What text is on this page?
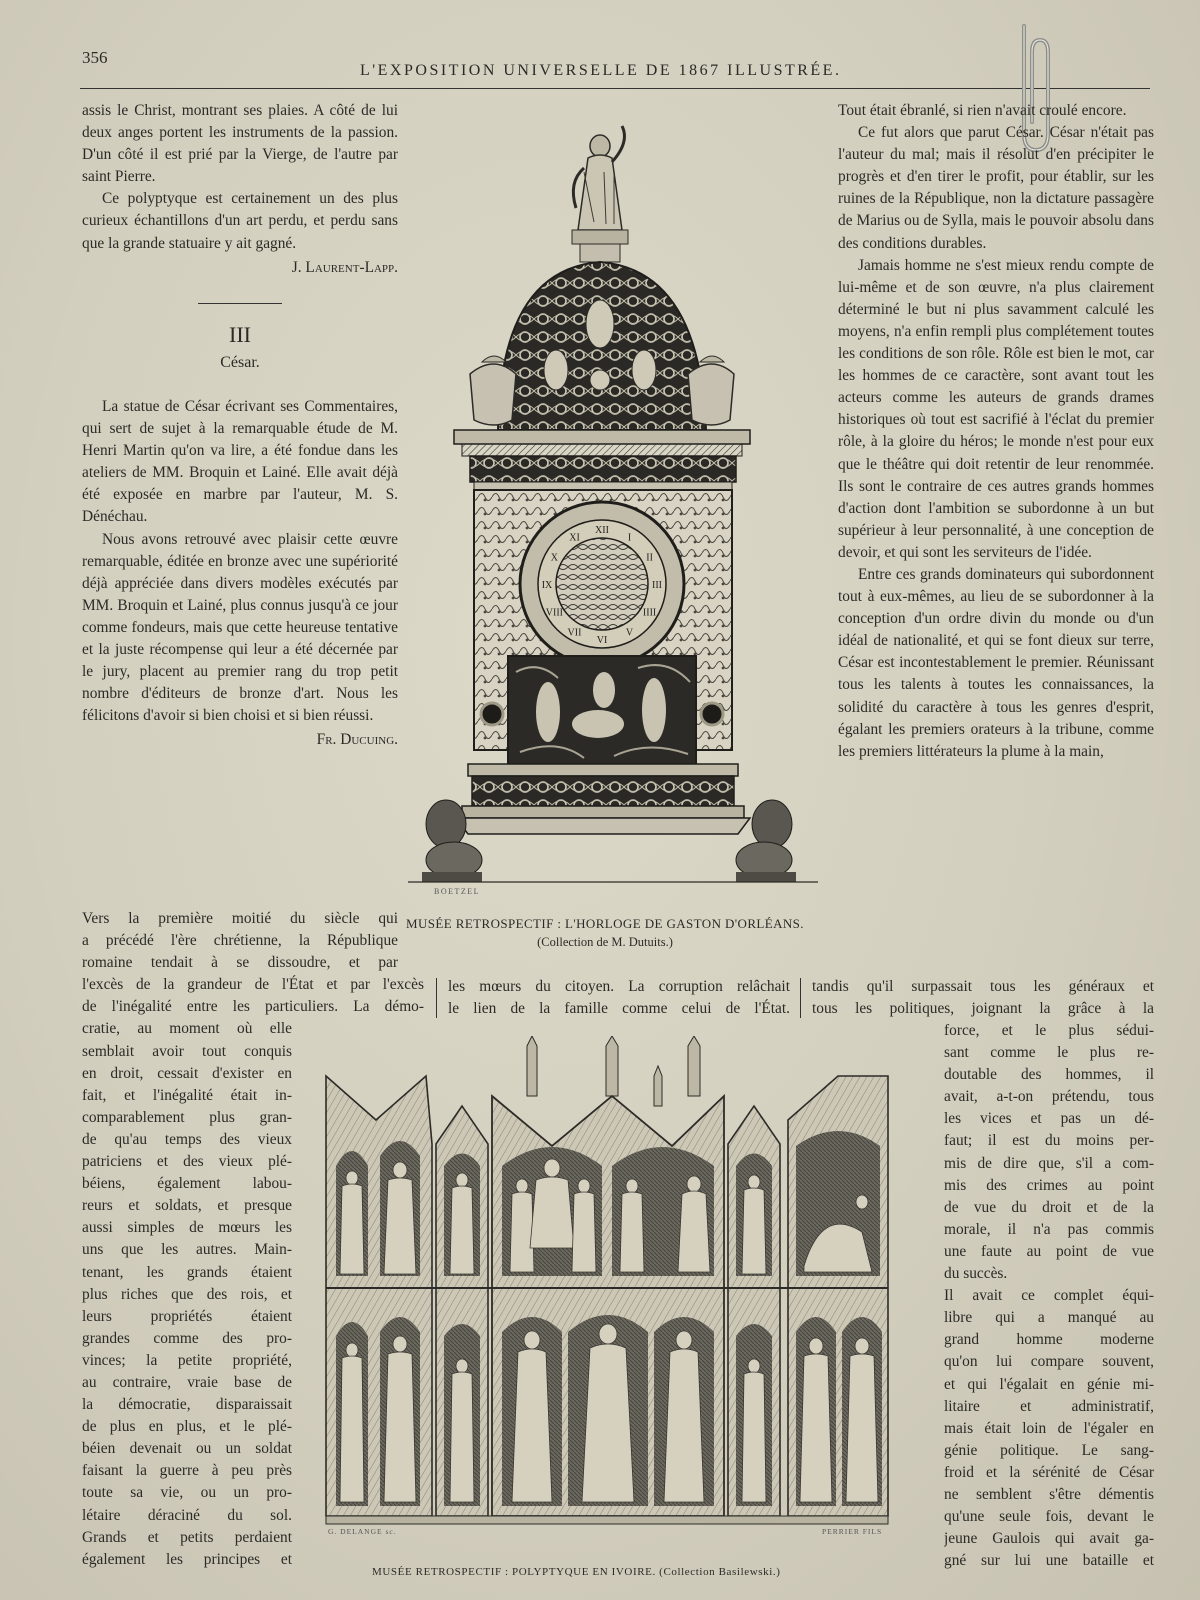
356
L'EXPOSITION UNIVERSELLE DE 1867 ILLUSTRÉE.

assis le Christ, montrant ses plaies. A côté de lui deux anges portent les instruments de la passion. D'un côté il est prié par la Vierge, de l'autre par saint Pierre.

Ce polyptyque est certainement un des plus curieux échantillons d'un art perdu, et perdu sans que la grande statuaire y ait gagné.

J. Laurent-Lapp.
III
César.

La statue de César écrivant ses Commentaires, qui sert de sujet à la remarquable étude de M. Henri Martin qu'on va lire, a été fondue dans les ateliers de MM. Broquin et Lainé. Elle avait déjà été exposée en marbre par l'auteur, M. S. Dénéchau.

Nous avons retrouvé avec plaisir cette œuvre remarquable, éditée en bronze avec une supériorité déjà appréciée dans divers modèles exécutés par MM. Broquin et Lainé, plus connus jusqu'à ce jour comme fondeurs, mais que cette heureuse tentative et la juste récompense qui leur a été décernée par le jury, placent au premier rang du trop petit nombre d'éditeurs de bronze d'art. Nous les félicitons d'avoir si bien choisi et si bien réussi.

Fr. Ducuing.
Vers la première moitié du siècle qui
a précédé l'ère chrétienne, la République
romaine tendait à se dissoudre, et par
l'excès de la grandeur de l'État et par l'excès
de l'inégalité entre les particuliers. La démo-
cratie, au moment où elle
semblait avoir tout conquis
en droit, cessait d'exister en
fait, et l'inégalité était in-
comparablement plus gran-
de qu'au temps des vieux
patriciens et des vieux plé-
béiens, également labou-
reurs et soldats, et presque
aussi simples de mœurs les
uns que les autres. Main-
tenant, les grands étaient
plus riches que des rois, et
leurs propriétés étaient
grandes comme des pro-
vinces; la petite propriété,
au contraire, vraie base de
la démocratie, disparaissait
de plus en plus, et le plé-
béien devenait ou un soldat
faisant la guerre à peu près
toute sa vie, ou un pro-
létaire déraciné du sol.
Grands et petits perdaient
également les principes et
les mœurs du citoyen. La corruption relâchait
le lien de la famille comme celui de l'État.

Tout était ébranlé, si rien n'avait croulé encore.

Ce fut alors que parut César. César n'était pas l'auteur du mal; mais il résolut d'en précipiter le progrès et d'en tirer le profit, pour établir, sur les ruines de la République, non la dictature passagère de Marius ou de Sylla, mais le pouvoir absolu dans des conditions durables.

Jamais homme ne s'est mieux rendu compte de lui-même et de son œuvre, n'a plus clairement déterminé le but ni plus savamment calculé les moyens, n'a enfin rempli plus complétement toutes les conditions de son rôle. Rôle est bien le mot, car les hommes de ce caractère, sont avant tout les acteurs comme les auteurs de grands drames historiques où tout est sacrifié à l'éclat du premier rôle, à la gloire du héros; le monde n'est pour eux que le théâtre qui doit retentir de leur renommée. Ils sont le contraire de ces autres grands hommes d'action dont l'ambition se subordonne à un but supérieur à leur personnalité, à une conception de devoir, et qui sont les serviteurs de l'idée.

Entre ces grands dominateurs qui subordonnent tout à eux-mêmes, au lieu de se subordonner à la conception d'un ordre divin du monde ou d'un idéal de nationalité, et qui se font dieux sur terre, César est incontestablement le premier. Réunissant tous les talents à toutes les connaissances, la solidité du caractère à tous les genres d'esprit, égalant les premiers orateurs à la tribune, comme les premiers littérateurs la plume à la main,

tandis qu'il surpassait tous les généraux et
tous les politiques, joignant la grâce à la
force, et le plus sédui-
sant comme le plus re-
doutable des hommes, il
avait, a-t-on prétendu, tous
les vices et pas un dé-
faut; il est du moins per-
mis de dire que, s'il a com-
mis des crimes au point
de vue du droit et de la
morale, il n'a pas commis
une faute au point de vue
du succès.
Il avait ce complet équi-
libre qui a manqué au
grand homme moderne
qu'on lui compare souvent,
et qui l'égalait en génie mi-
litaire et administratif,
mais était loin de l'égaler en
génie politique. Le sang-
froid et la sérénité de César
ne semblent s'être démentis
qu'une seule fois, devant le
jeune Gaulois qui avait ga-
gné sur lui une bataille et
XII
I
II
III
IIII
V
VI
VII
VIII
IX
X
XI
BOETZEL
MUSÉE RETROSPECTIF : L'HORLOGE DE GASTON D'ORLÉANS.
(Collection de M. Dutuits.)
G. DELANGE sc.	PERRIER FILS
MUSÉE RETROSPECTIF : POLYPTYQUE EN IVOIRE. (Collection Basilewski.)
